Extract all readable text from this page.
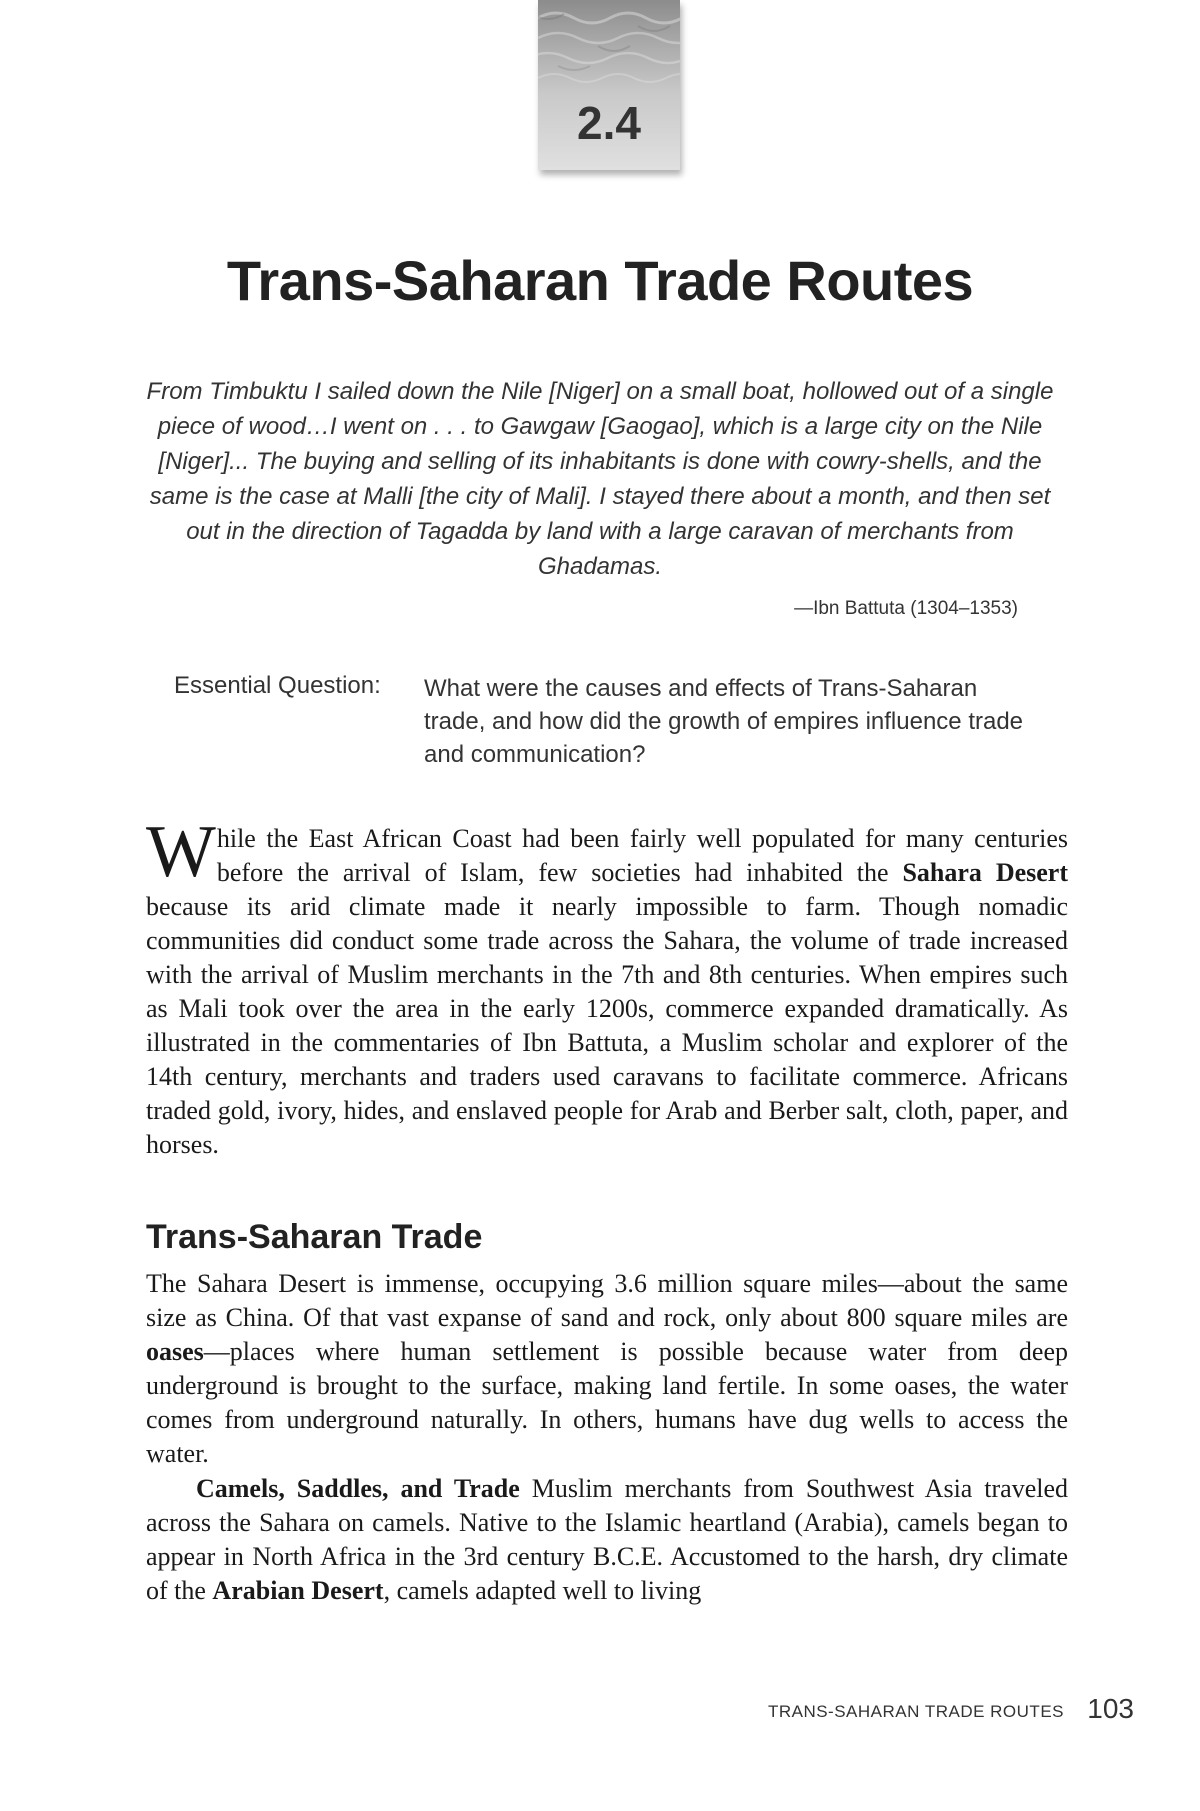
2.4
Trans-Saharan Trade Routes

From Timbuktu I sailed down the Nile [Niger] on a small boat, hollowed out of a single piece of wood…I went on . . . to Gawgaw [Gaogao], which is a large city on the Nile [Niger]... The buying and selling of its inhabitants is done with cowry-shells, and the same is the case at Malli [the city of Mali]. I stayed there about a month, and then set out in the direction of Tagadda by land with a large caravan of merchants from Ghadamas.

—Ibn Battuta (1304–1353)
Essential Question: What were the causes and effects of Trans-Saharan trade, and how did the growth of empires influence trade and communication?

While the East African Coast had been fairly well populated for many centuries before the arrival of Islam, few societies had inhabited the Sahara Desert because its arid climate made it nearly impossible to farm. Though nomadic communities did conduct some trade across the Sahara, the volume of trade increased with the arrival of Muslim merchants in the 7th and 8th centuries. When empires such as Mali took over the area in the early 1200s, commerce expanded dramatically. As illustrated in the commentaries of Ibn Battuta, a Muslim scholar and explorer of the 14th century, merchants and traders used caravans to facilitate commerce. Africans traded gold, ivory, hides, and enslaved people for Arab and Berber salt, cloth, paper, and horses.

Trans-Saharan Trade

The Sahara Desert is immense, occupying 3.6 million square miles—about the same size as China. Of that vast expanse of sand and rock, only about 800 square miles are oases—places where human settlement is possible because water from deep underground is brought to the surface, making land fertile. In some oases, the water comes from underground naturally. In others, humans have dug wells to access the water.

Camels, Saddles, and Trade Muslim merchants from Southwest Asia traveled across the Sahara on camels. Native to the Islamic heartland (Arabia), camels began to appear in North Africa in the 3rd century B.C.E. Accustomed to the harsh, dry climate of the Arabian Desert, camels adapted well to living

TRANS-SAHARAN TRADE ROUTES 103
